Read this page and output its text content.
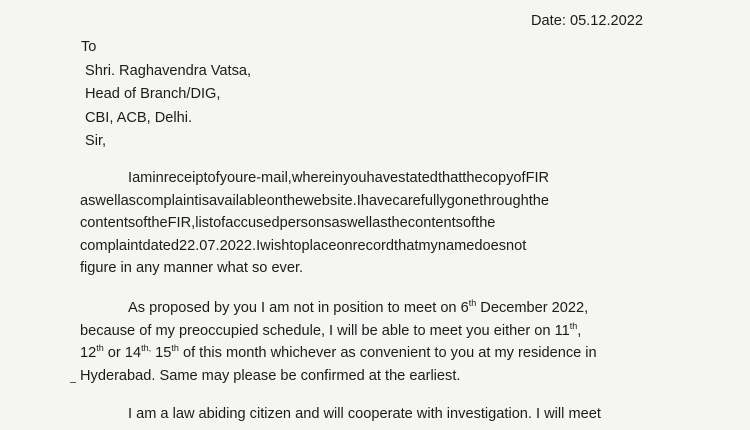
Date: 05.12.2022
To
Shri. Raghavendra Vatsa,
Head of Branch/DIG,
CBI, ACB, Delhi.
Sir,
Iaminreceiptofyoure-mail,whereinyouhavestatedthatthecopyofFIR
aswellascomplaintisavailableonthewebsite.Ihavecarefullygonethroughthe
contentsoftheFIR,listofaccusedpersonsaswellasthecontentsofthe
complaintdated22.07.2022.Iwishtoplaceonrecordthatmynamedoesnot
figure in any manner what so ever.
As proposed by you I am not in position to meet on 6th December 2022,
because of my preoccupied schedule, I will be able to meet you either on 11th,
12th or $14^{th,}$ 15th of this month whichever as convenient to you at my residence in
Hyderabad. Same may please be confirmed at the earliest.
I am a law abiding citizen and will cooperate with investigation. I will meet
